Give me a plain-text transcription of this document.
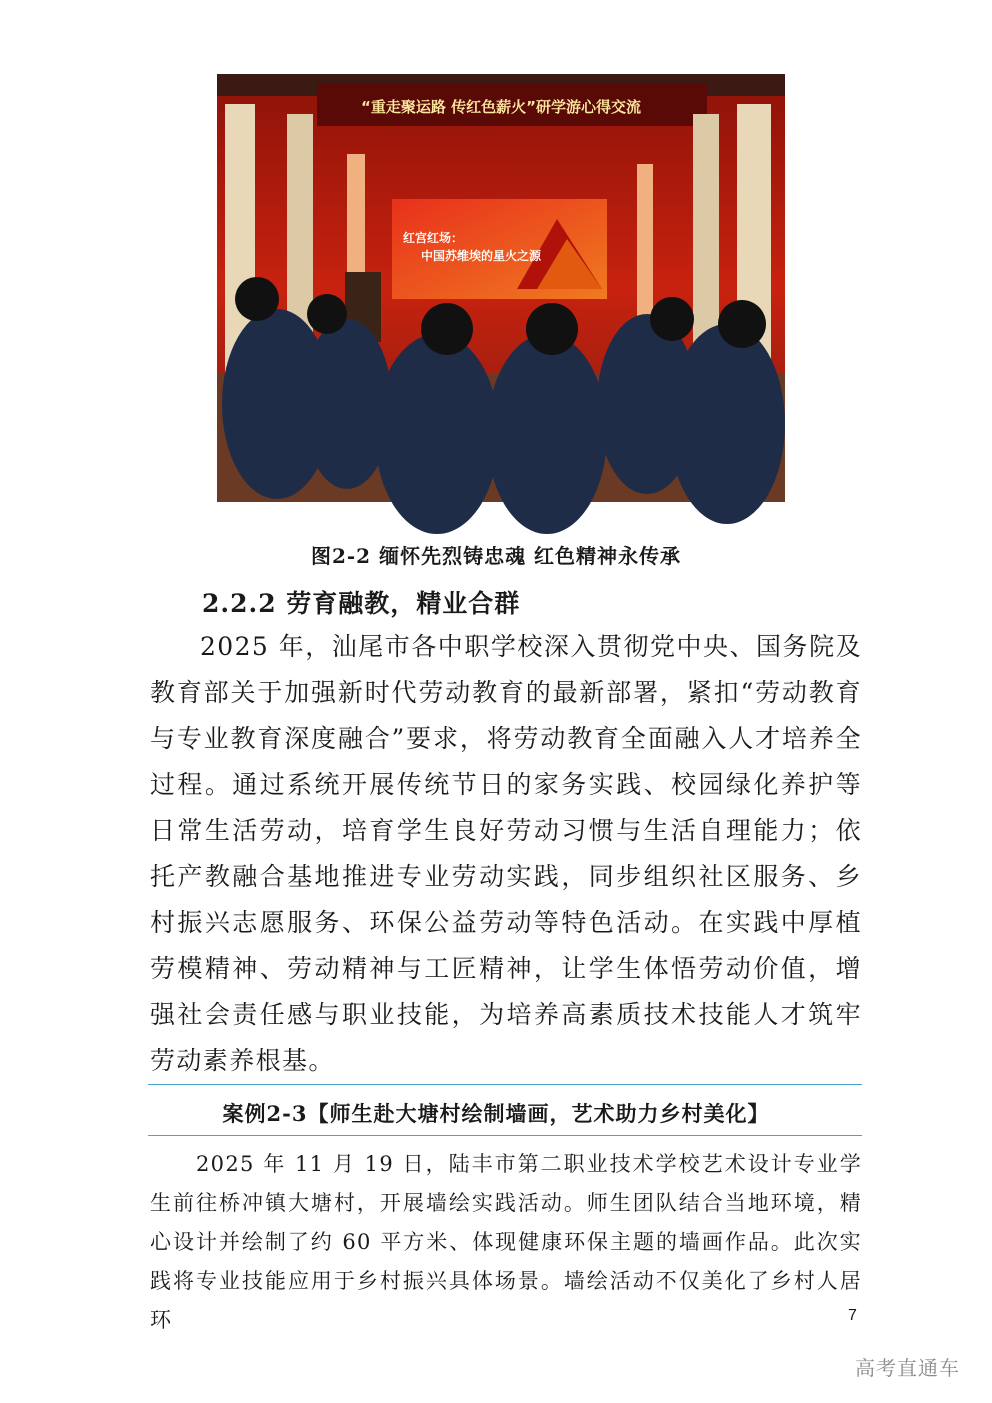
“重走聚运路 传红色薪火”研学游心得交流
红宫红场：
中国苏维埃的星火之源
图2-2 缅怀先烈铸忠魂 红色精神永传承
2.2.2 劳育融教，精业合群

2025 年，汕尾市各中职学校深入贯彻党中央、国务院及教育部关于加强新时代劳动教育的最新部署，紧扣“劳动教育与专业教育深度融合”要求，将劳动教育全面融入人才培养全过程。通过系统开展传统节日的家务实践、校园绿化养护等日常生活劳动，培育学生良好劳动习惯与生活自理能力；依托产教融合基地推进专业劳动实践，同步组织社区服务、乡村振兴志愿服务、环保公益劳动等特色活动。在实践中厚植劳模精神、劳动精神与工匠精神，让学生体悟劳动价值，增强社会责任感与职业技能，为培养高素质技术技能人才筑牢劳动素养根基。

案例2-3【师生赴大塘村绘制墙画，艺术助力乡村美化】

2025 年 11 月 19 日，陆丰市第二职业技术学校艺术设计专业学生前往桥冲镇大塘村，开展墙绘实践活动。师生团队结合当地环境，精心设计并绘制了约 60 平方米、体现健康环保主题的墙画作品。此次实践将专业技能应用于乡村振兴具体场景。墙绘活动不仅美化了乡村人居环	7
高考直通车
